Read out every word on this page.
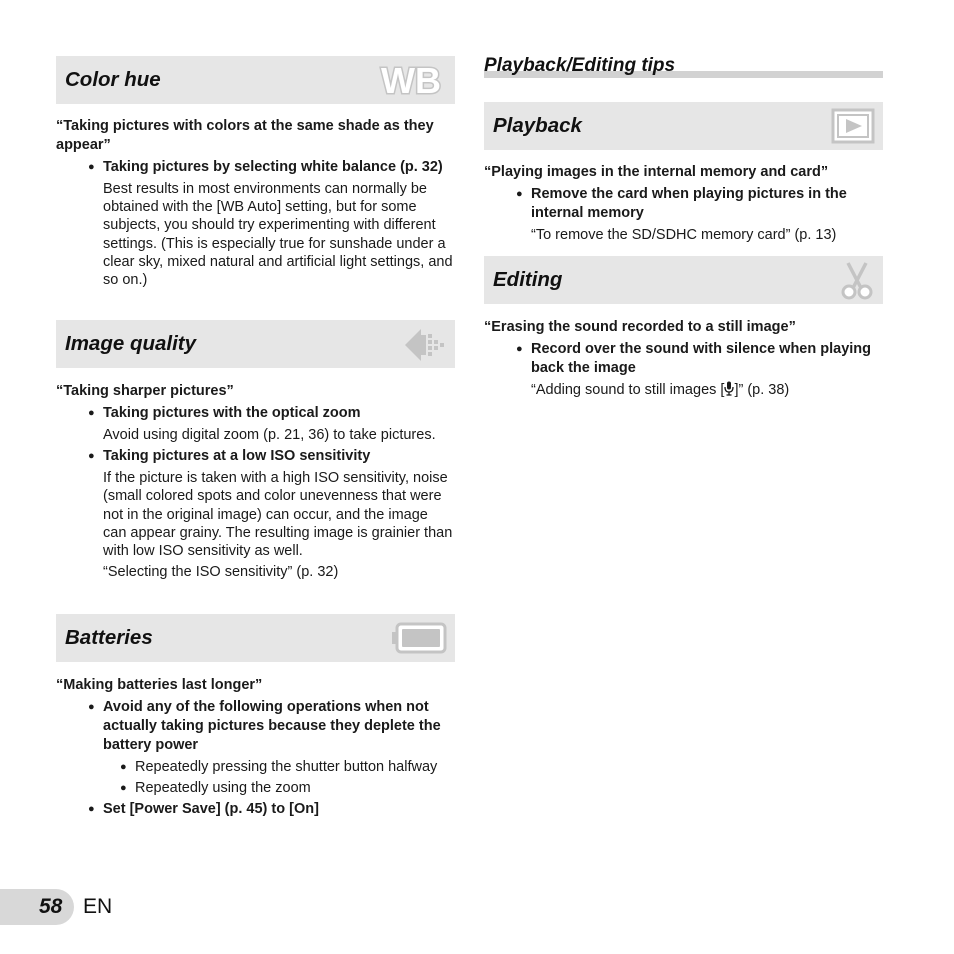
Color hue	WB
“Taking pictures with colors at the same shade as they appear”
● Taking pictures by selecting white balance (p. 32)
Best results in most environments can normally be obtained with the [WB Auto] setting, but for some subjects, you should try experimenting with different settings. (This is especially true for sunshade under a clear sky, mixed natural and artificial light settings, and so on.)
Image quality
“Taking sharper pictures”
● Taking pictures with the optical zoom
Avoid using digital zoom (p. 21, 36) to take pictures.
● Taking pictures at a low ISO sensitivity
If the picture is taken with a high ISO sensitivity, noise (small colored spots and color unevenness that were not in the original image) can occur, and the image can appear grainy. The resulting image is grainier than with low ISO sensitivity as well.
“Selecting the ISO sensitivity” (p. 32)
Batteries
“Making batteries last longer”
● Avoid any of the following operations when not actually taking pictures because they deplete the battery power
● Repeatedly pressing the shutter button halfway
● Repeatedly using the zoom
● Set [Power Save] (p. 45) to [On]
Playback/Editing tips
Playback
“Playing images in the internal memory and card”
● Remove the card when playing pictures in the internal memory
“To remove the SD/SDHC memory card” (p. 13)
Editing
“Erasing the sound recorded to a still image”
● Record over the sound with silence when playing back the image
“Adding sound to still images [ ]” (p. 38)
58 EN
